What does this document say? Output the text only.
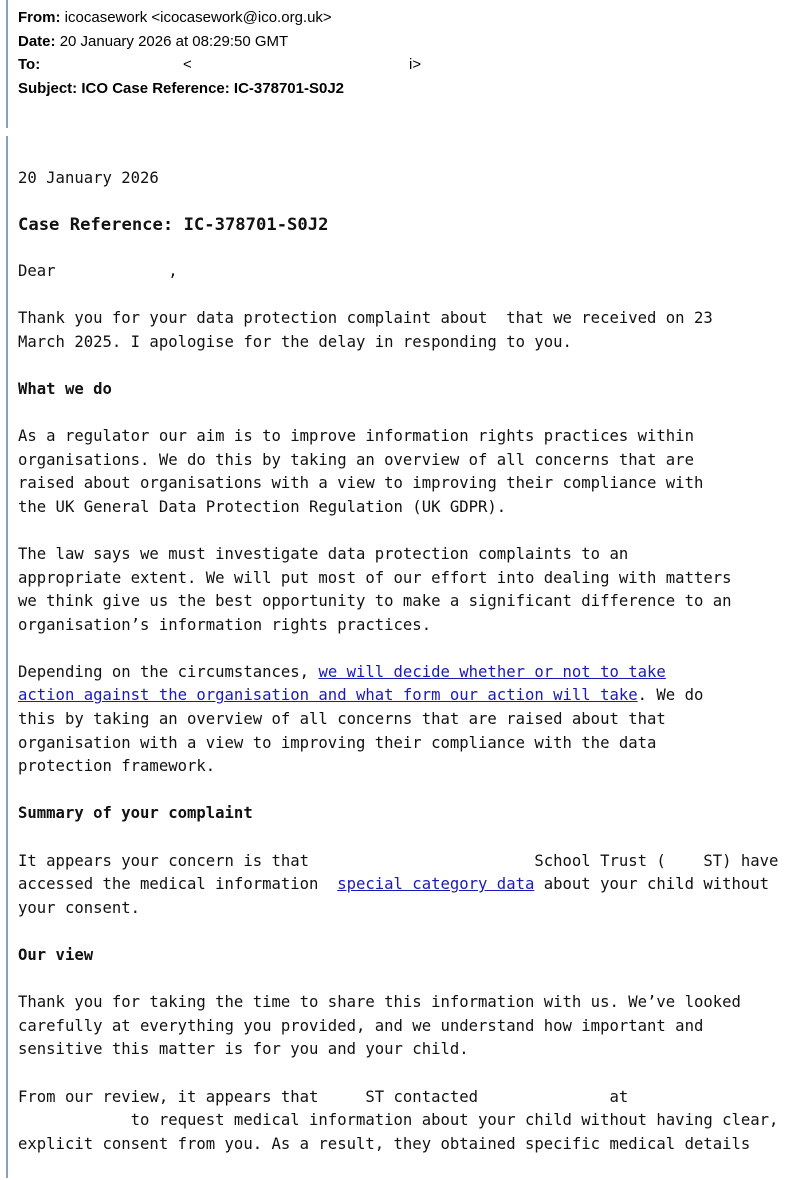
From: icocasework <icocasework@ico.org.uk>
Date: 20 January 2026 at 08:29:50 GMT
To:	<	i>
Subject: ICO Case Reference: IC-378701-S0J2

20 January 2026

Case Reference: IC-378701-S0J2

Dear            ,

Thank you for your data protection complaint about  that we received on 23
March 2025. I apologise for the delay in responding to you.

What we do

As a regulator our aim is to improve information rights practices within
organisations. We do this by taking an overview of all concerns that are
raised about organisations with a view to improving their compliance with
the UK General Data Protection Regulation (UK GDPR).

The law says we must investigate data protection complaints to an
appropriate extent. We will put most of our effort into dealing with matters
we think give us the best opportunity to make a significant difference to an
organisation’s information rights practices.

Depending on the circumstances, we will decide whether or not to take
action against the organisation and what form our action will take. We do
this by taking an overview of all concerns that are raised about that
organisation with a view to improving their compliance with the data
protection framework.

Summary of your complaint

It appears your concern is that                        School Trust (    ST) have
accessed the medical information  special category data about your child without
your consent.

Our view

Thank you for taking the time to share this information with us. We’ve looked
carefully at everything you provided, and we understand how important and
sensitive this matter is for you and your child.

From our review, it appears that     ST contacted              at
to request medical information about your child without having clear,
explicit consent from you. As a result, they obtained specific medical details
